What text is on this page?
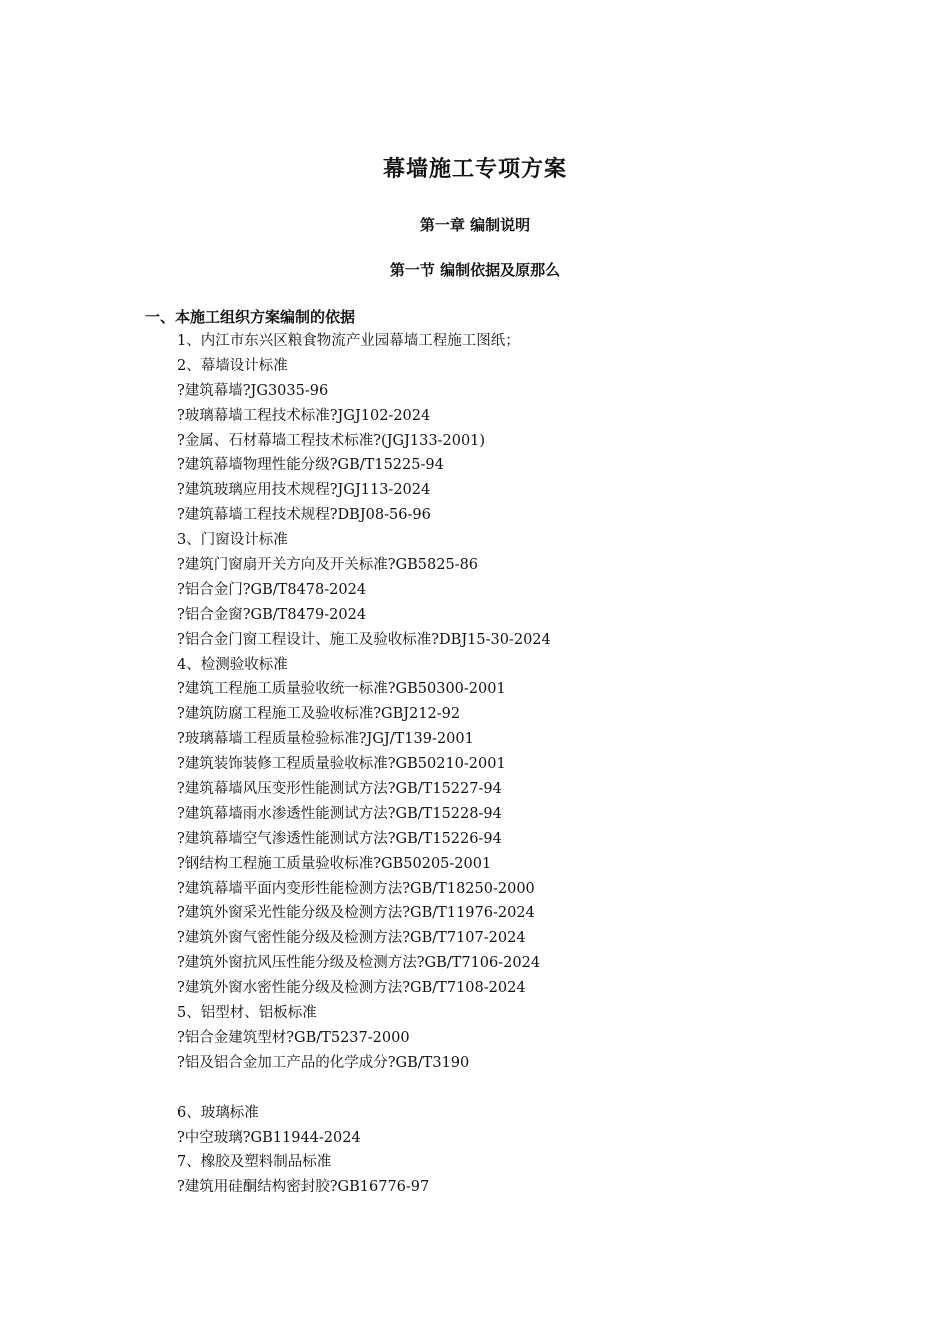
幕墙施工专项方案
第一章 编制说明
第一节 编制依据及原那么
一、本施工组织方案编制的依据
1、内江市东兴区粮食物流产业园幕墙工程施工图纸；
2、幕墙设计标准
?建筑幕墙?JG3035-96
?玻璃幕墙工程技术标准?JGJ102-2024
?金属、石材幕墙工程技术标准?(JGJ133-2001)
?建筑幕墙物理性能分级?GB/T15225-94
?建筑玻璃应用技术规程?JGJ113-2024
?建筑幕墙工程技术规程?DBJ08-56-96
3、门窗设计标准
?建筑门窗扇开关方向及开关标准?GB5825-86
?铝合金门?GB/T8478-2024
?铝合金窗?GB/T8479-2024
?铝合金门窗工程设计、施工及验收标准?DBJ15-30-2024
4、检测验收标准
?建筑工程施工质量验收统一标准?GB50300-2001
?建筑防腐工程施工及验收标准?GBJ212-92
?玻璃幕墙工程质量检验标准?JGJ/T139-2001
?建筑装饰装修工程质量验收标准?GB50210-2001
?建筑幕墙风压变形性能测试方法?GB/T15227-94
?建筑幕墙雨水渗透性能测试方法?GB/T15228-94
?建筑幕墙空气渗透性能测试方法?GB/T15226-94
?钢结构工程施工质量验收标准?GB50205-2001
?建筑幕墙平面内变形性能检测方法?GB/T18250-2000
?建筑外窗采光性能分级及检测方法?GB/T11976-2024
?建筑外窗气密性能分级及检测方法?GB/T7107-2024
?建筑外窗抗风压性能分级及检测方法?GB/T7106-2024
?建筑外窗水密性能分级及检测方法?GB/T7108-2024
5、铝型材、铝板标准
?铝合金建筑型材?GB/T5237-2000
?铝及铝合金加工产品的化学成分?GB/T3190
6、玻璃标准
?中空玻璃?GB11944-2024
7、橡胶及塑料制品标准
?建筑用硅酮结构密封胶?GB16776-97
